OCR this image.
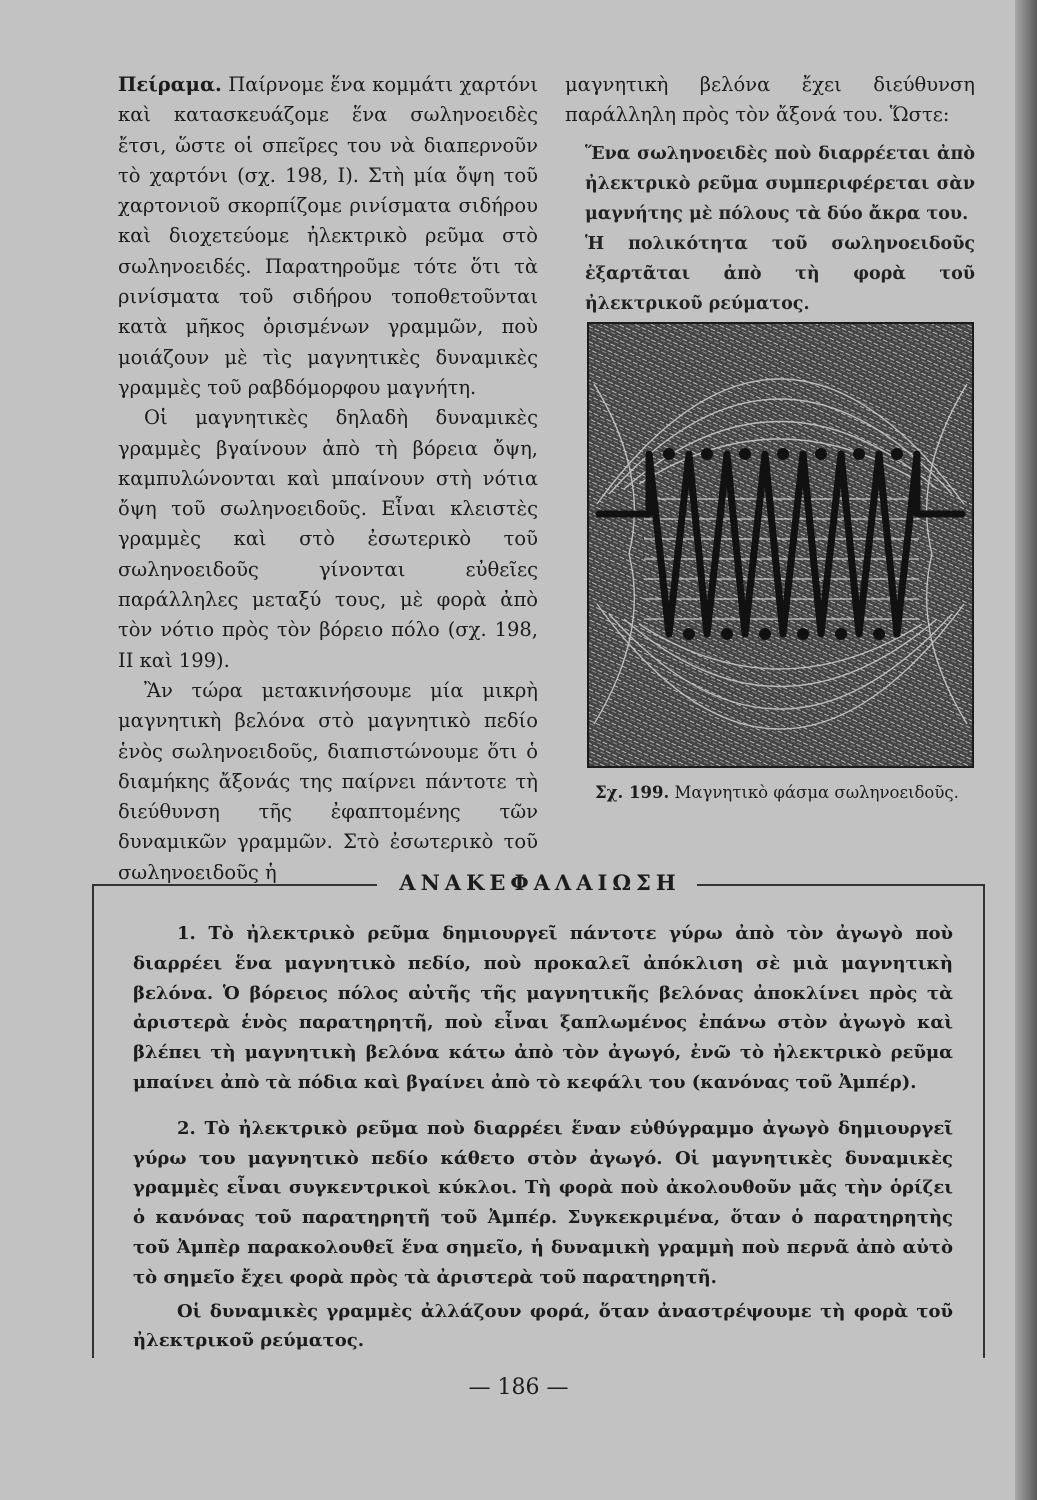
Πείραμα. Παίρνομε ἕνα κομμάτι χαρτόνι καὶ κατασκευάζομε ἕνα σωληνοειδὲς ἔτσι, ὥστε οἱ σπεῖρες του νὰ διαπερνοῦν τὸ χαρτόνι (σχ. 198, Ι). Στὴ μία ὄψη τοῦ χαρτονιοῦ σκορπίζομε ρινίσματα σιδήρου καὶ διοχετεύομε ἠλεκτρικὸ ρεῦμα στὸ σωληνοειδές. Παρατηροῦμε τότε ὅτι τὰ ρινίσματα τοῦ σιδήρου τοποθετοῦνται κατὰ μῆκος ὁρισμένων γραμμῶν, ποὺ μοιάζουν μὲ τὶς μαγνητικὲς δυναμικὲς γραμμὲς τοῦ ραβδόμορφου μαγνήτη.

Οἱ μαγνητικὲς δηλαδὴ δυναμικὲς γραμμὲς βγαίνουν ἀπὸ τὴ βόρεια ὄψη, καμπυλώνονται καὶ μπαίνουν στὴ νότια ὄψη τοῦ σωληνοειδοῦς. Εἶναι κλειστὲς γραμμὲς καὶ στὸ ἐσωτερικὸ τοῦ σωληνοειδοῦς γίνονται εὐθεῖες παράλληλες μεταξύ τους, μὲ φορὰ ἀπὸ τὸν νότιο πρὸς τὸν βόρειο πόλο (σχ. 198, ΙΙ καὶ 199).

Ἂν τώρα μετακινήσουμε μία μικρὴ μαγνητικὴ βελόνα στὸ μαγνητικὸ πεδίο ἑνὸς σωληνοειδοῦς, διαπιστώνουμε ὅτι ὁ διαμήκης ἄξονάς της παίρνει πάντοτε τὴ διεύθυνση τῆς ἐφαπτομένης τῶν δυναμικῶν γραμμῶν. Στὸ ἐσωτερικὸ τοῦ σωληνοειδοῦς ἡ

μαγνητικὴ βελόνα ἔχει διεύθυνση παράλληλη πρὸς τὸν ἄξονά του. Ὥστε:

Ἕνα σωληνοειδὲς ποὺ διαρρέεται ἀπὸ ἠλεκτρικὸ ρεῦμα συμπεριφέρεται σὰν μαγνήτης μὲ πόλους τὰ δύο ἄκρα του.

Ἡ πολικότητα τοῦ σωληνοειδοῦς ἐξαρτᾶται ἀπὸ τὴ φορὰ τοῦ ἠλεκτρικοῦ ρεύματος.

Σχ. 199. Μαγνητικὸ φάσμα σωληνοειδοῦς.
ΑΝΑΚΕΦΑΛΑΙΩΣΗ

1. Τὸ ἠλεκτρικὸ ρεῦμα δημιουργεῖ πάντοτε γύρω ἀπὸ τὸν ἀγωγὸ ποὺ διαρρέει ἕνα μαγνητικὸ πεδίο, ποὺ προκαλεῖ ἀπόκλιση σὲ μιὰ μαγνητικὴ βελόνα. Ὁ βόρειος πόλος αὐτῆς τῆς μαγνητικῆς βελόνας ἀποκλίνει πρὸς τὰ ἀριστερὰ ἑνὸς παρατηρητῆ, ποὺ εἶναι ξαπλωμένος ἐπάνω στὸν ἀγωγὸ καὶ βλέπει τὴ μαγνητικὴ βελόνα κάτω ἀπὸ τὸν ἀγωγό, ἐνῶ τὸ ἠλεκτρικὸ ρεῦμα μπαίνει ἀπὸ τὰ πόδια καὶ βγαίνει ἀπὸ τὸ κεφάλι του (κανόνας τοῦ Ἀμπέρ).

2. Τὸ ἠλεκτρικὸ ρεῦμα ποὺ διαρρέει ἕναν εὐθύγραμμο ἀγωγὸ δημιουργεῖ γύρω του μαγνητικὸ πεδίο κάθετο στὸν ἀγωγό. Οἱ μαγνητικὲς δυναμικὲς γραμμὲς εἶναι συγκεντρικοὶ κύκλοι. Τὴ φορὰ ποὺ ἀκολουθοῦν μᾶς τὴν ὁρίζει ὁ κανόνας τοῦ παρατηρητῆ τοῦ Ἀμπέρ. Συγκεκριμένα, ὅταν ὁ παρατηρητὴς τοῦ Ἀμπὲρ παρακολουθεῖ ἕνα σημεῖο, ἡ δυναμικὴ γραμμὴ ποὺ περνᾶ ἀπὸ αὐτὸ τὸ σημεῖο ἔχει φορὰ πρὸς τὰ ἀριστερὰ τοῦ παρατηρητῆ.

Οἱ δυναμικὲς γραμμὲς ἀλλάζουν φορά, ὅταν ἀναστρέψουμε τὴ φορὰ τοῦ ἠλεκτρικοῦ ρεύματος.

— 186 —
